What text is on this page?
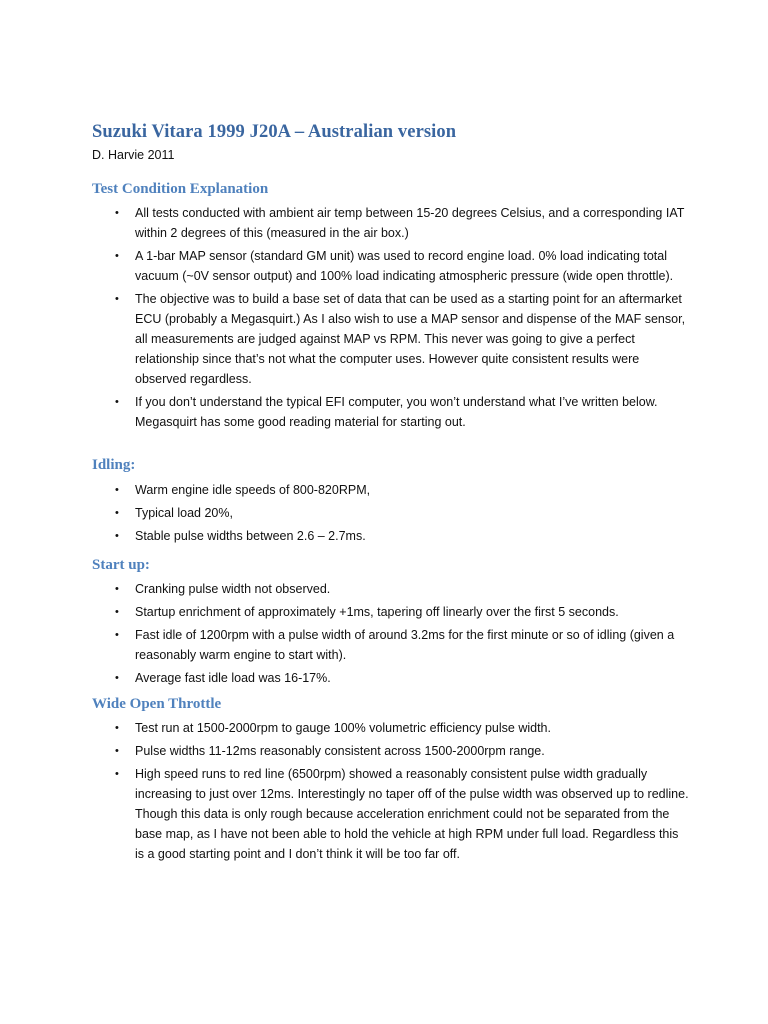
Suzuki Vitara 1999 J20A – Australian version

D. Harvie 2011

Test Condition Explanation
• All tests conducted with ambient air temp between 15-20 degrees Celsius, and a corresponding IAT within 2 degrees of this (measured in the air box.)
• A 1-bar MAP sensor (standard GM unit) was used to record engine load. 0% load indicating total vacuum (~0V sensor output) and 100% load indicating atmospheric pressure (wide open throttle).
• The objective was to build a base set of data that can be used as a starting point for an aftermarket ECU (probably a Megasquirt.) As I also wish to use a MAP sensor and dispense of the MAF sensor, all measurements are judged against MAP vs RPM. This never was going to give a perfect relationship since that’s not what the computer uses. However quite consistent results were observed regardless.
• If you don’t understand the typical EFI computer, you won’t understand what I’ve written below. Megasquirt has some good reading material for starting out.
Idling:
• Warm engine idle speeds of 800-820RPM,
• Typical load 20%,
• Stable pulse widths between 2.6 – 2.7ms.
Start up:
• Cranking pulse width not observed.
• Startup enrichment of approximately +1ms, tapering off linearly over the first 5 seconds.
• Fast idle of 1200rpm with a pulse width of around 3.2ms for the first minute or so of idling (given a reasonably warm engine to start with).
• Average fast idle load was 16-17%.
Wide Open Throttle
• Test run at 1500-2000rpm to gauge 100% volumetric efficiency pulse width.
• Pulse widths 11-12ms reasonably consistent across 1500-2000rpm range.
• High speed runs to red line (6500rpm) showed a reasonably consistent pulse width gradually increasing to just over 12ms. Interestingly no taper off of the pulse width was observed up to redline. Though this data is only rough because acceleration enrichment could not be separated from the base map, as I have not been able to hold the vehicle at high RPM under full load. Regardless this is a good starting point and I don’t think it will be too far off.
